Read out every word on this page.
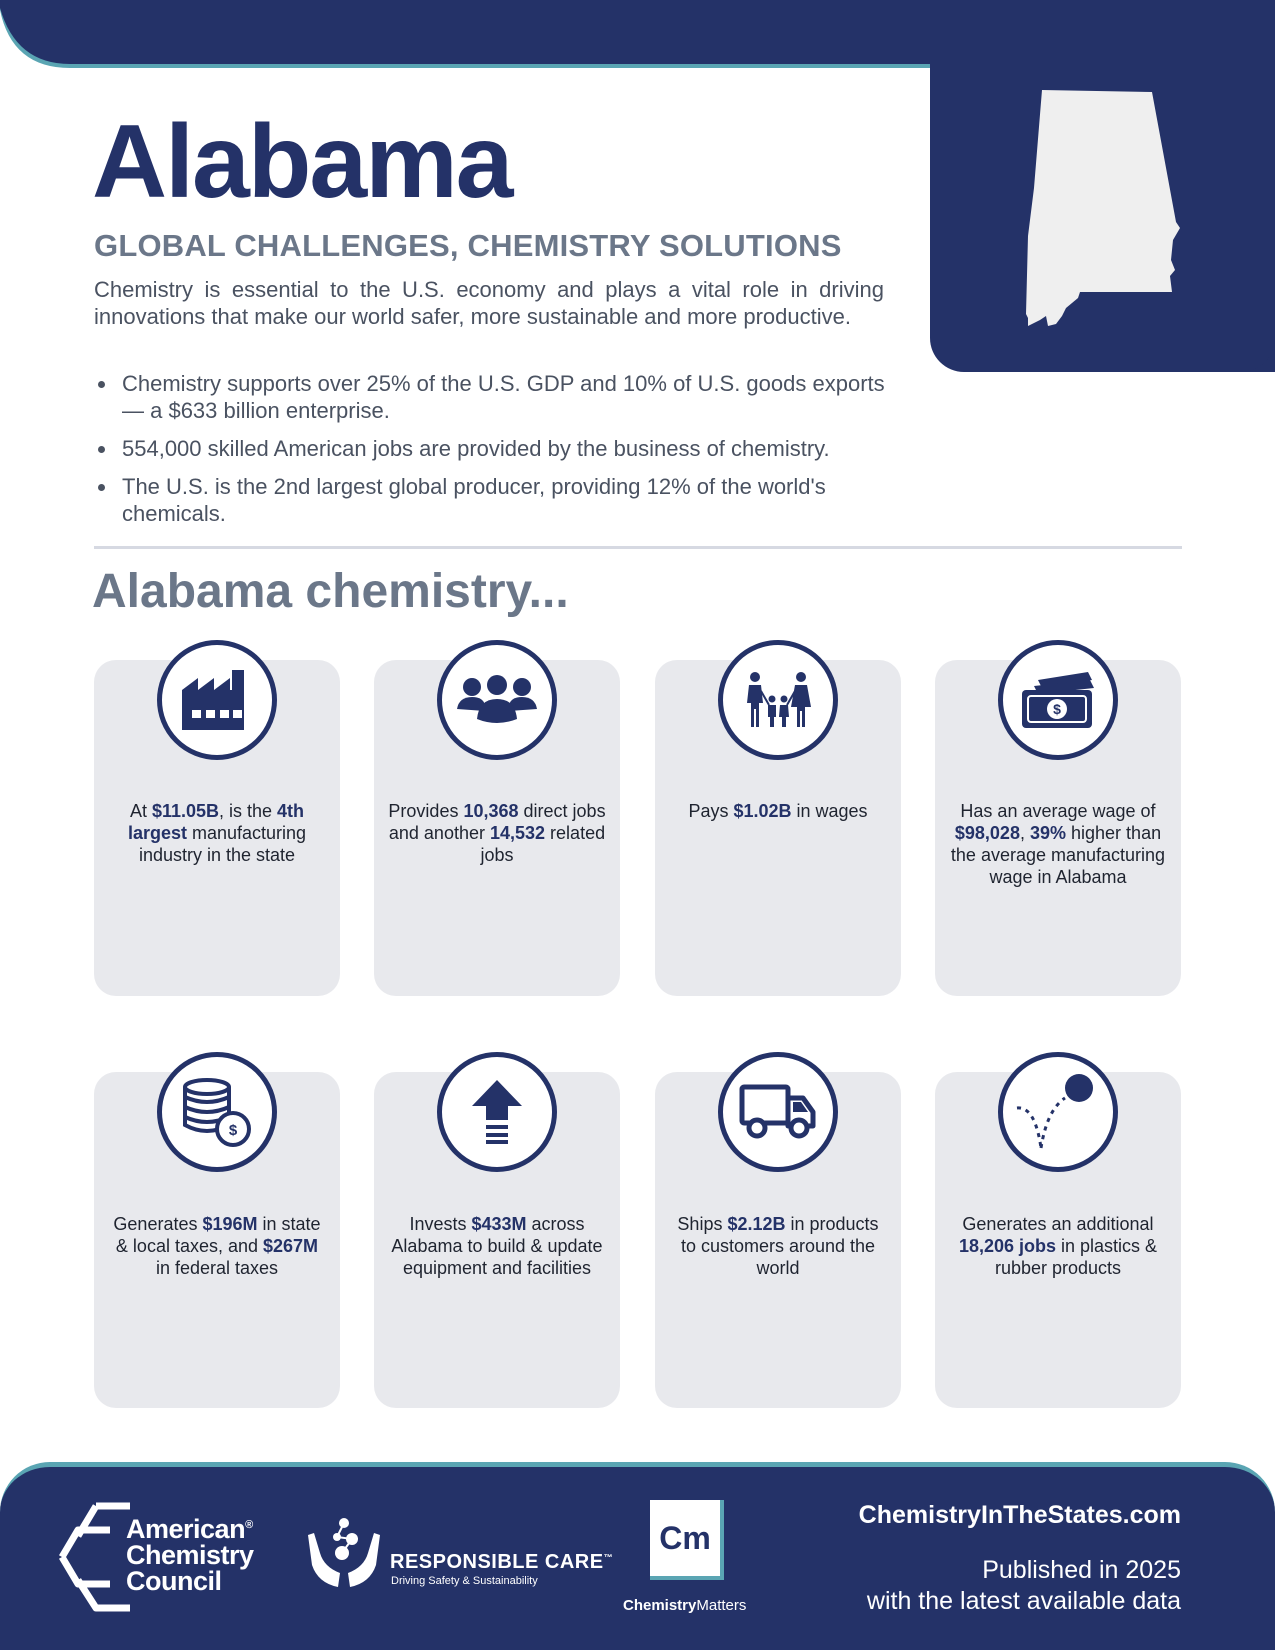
Alabama
GLOBAL CHALLENGES, CHEMISTRY SOLUTIONS

Chemistry is essential to the U.S. economy and plays a vital role in driving innovations that make our world safer, more sustainable and more productive.

Chemistry supports over 25% of the U.S. GDP and 10% of U.S. goods exports — a $633 billion enterprise.
554,000 skilled American jobs are provided by the business of chemistry.
The U.S. is the 2nd largest global producer, providing 12% of the world's chemicals.
Alabama chemistry...

At $11.05B, is the 4th largest manufacturing industry in the state

Provides 10,368 direct jobs and another 14,532 related jobs

Pays $1.02B in wages

$

Has an average wage of $98,028, 39% higher than the average manufacturing wage in Alabama

$

Generates $196M in state & local taxes, and $267M in federal taxes

Invests $433M across Alabama to build & update equipment and facilities

Ships $2.12B in products to customers around the world

Generates an additional 18,206 jobs in plastics & rubber products

American®
Chemistry
Council
RESPONSIBLE CARE™
Driving Safety & Sustainability
Cm
ChemistryMatters
ChemistryInTheStates.com
Published in 2025
with the latest available data
